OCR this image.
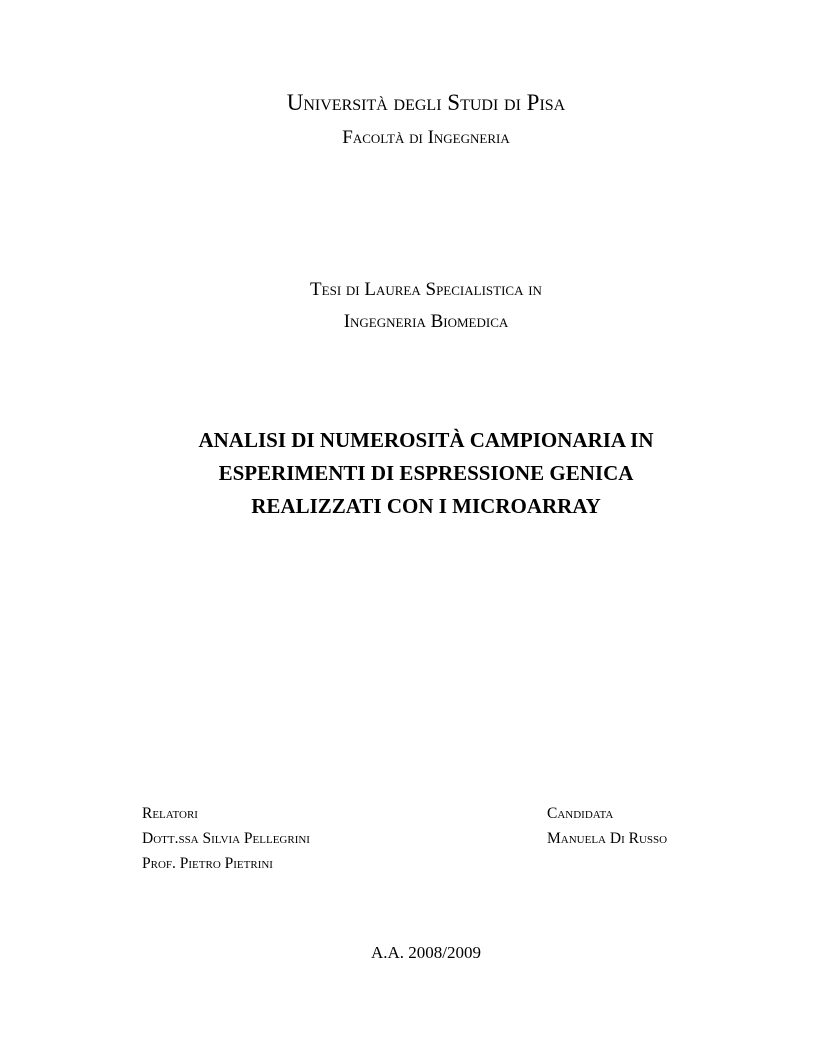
Università degli Studi di Pisa
Facoltà di Ingegneria
Tesi di Laurea Specialistica in
Ingegneria Biomedica
ANALISI DI NUMEROSITÀ CAMPIONARIA IN
ESPERIMENTI DI ESPRESSIONE GENICA
REALIZZATI CON I MICROARRAY
Relatori
Dott.ssa Silvia Pellegrini
Prof. Pietro Pietrini
Candidata
Manuela Di Russo
A.A. 2008/2009
